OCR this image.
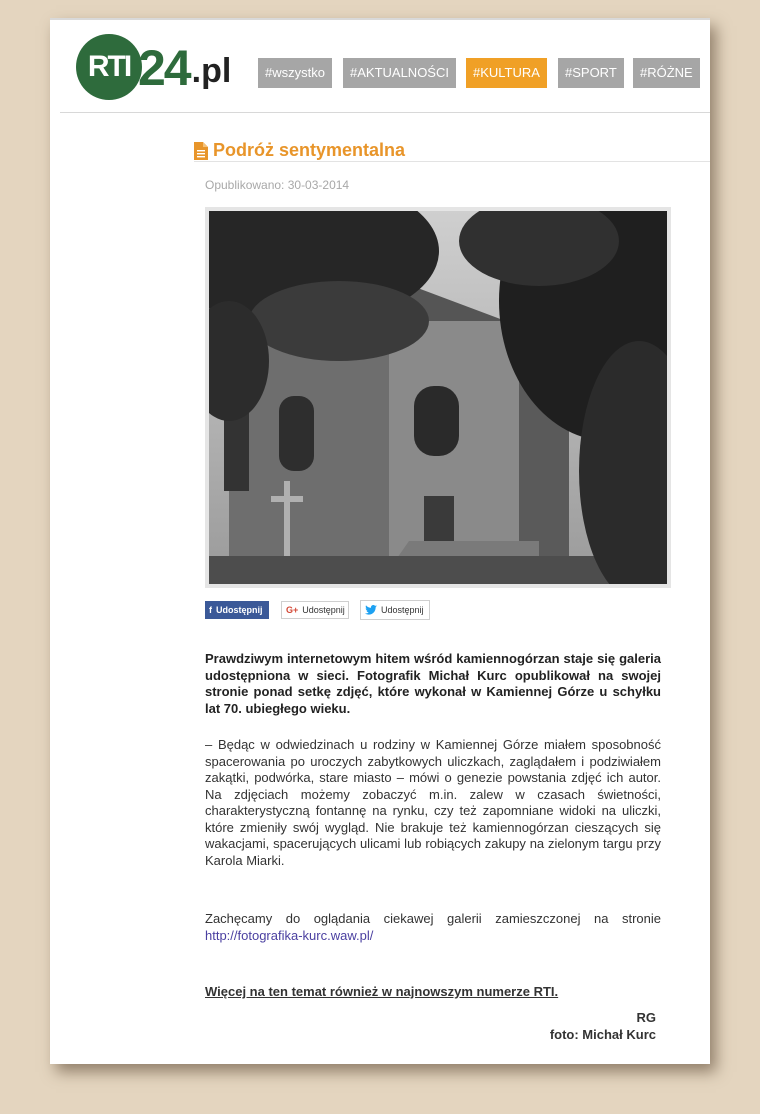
RTI 24 .pl	#wszystko	#AKTUALNOŚCI	#KULTURA	#SPORT	#RÓŻNE
Podróż sentymentalna
Opublikowano: 30-03-2014
f Udostępnij	G+ Udostępnij	Udostępnij
Prawdziwym internetowym hitem wśród kamiennogórzan staje się galeria udostępniona w sieci. Fotografik Michał Kurc opublikował na swojej stronie ponad setkę zdjęć, które wykonał w Kamiennej Górze u schyłku lat 70. ubiegłego wieku.
– Będąc w odwiedzinach u rodziny w Kamiennej Górze miałem sposobność spacerowania po uroczych zabytkowych uliczkach, zaglądałem i podziwiałem zakątki, podwórka, stare miasto – mówi o genezie powstania zdjęć ich autor. Na zdjęciach możemy zobaczyć m.in. zalew w czasach świetności, charakterystyczną fontannę na rynku, czy też zapomniane widoki na uliczki, które zmieniły swój wygląd. Nie brakuje też kamiennogórzan cieszących się wakacjami, spacerujących ulicami lub robiących zakupy na zielonym targu przy Karola Miarki.
Zachęcamy do oglądania ciekawej galerii zamieszczonej na stronie http://fotografika-kurc.waw.pl/
Więcej na ten temat również w najnowszym numerze RTI.
RG
foto: Michał Kurc
